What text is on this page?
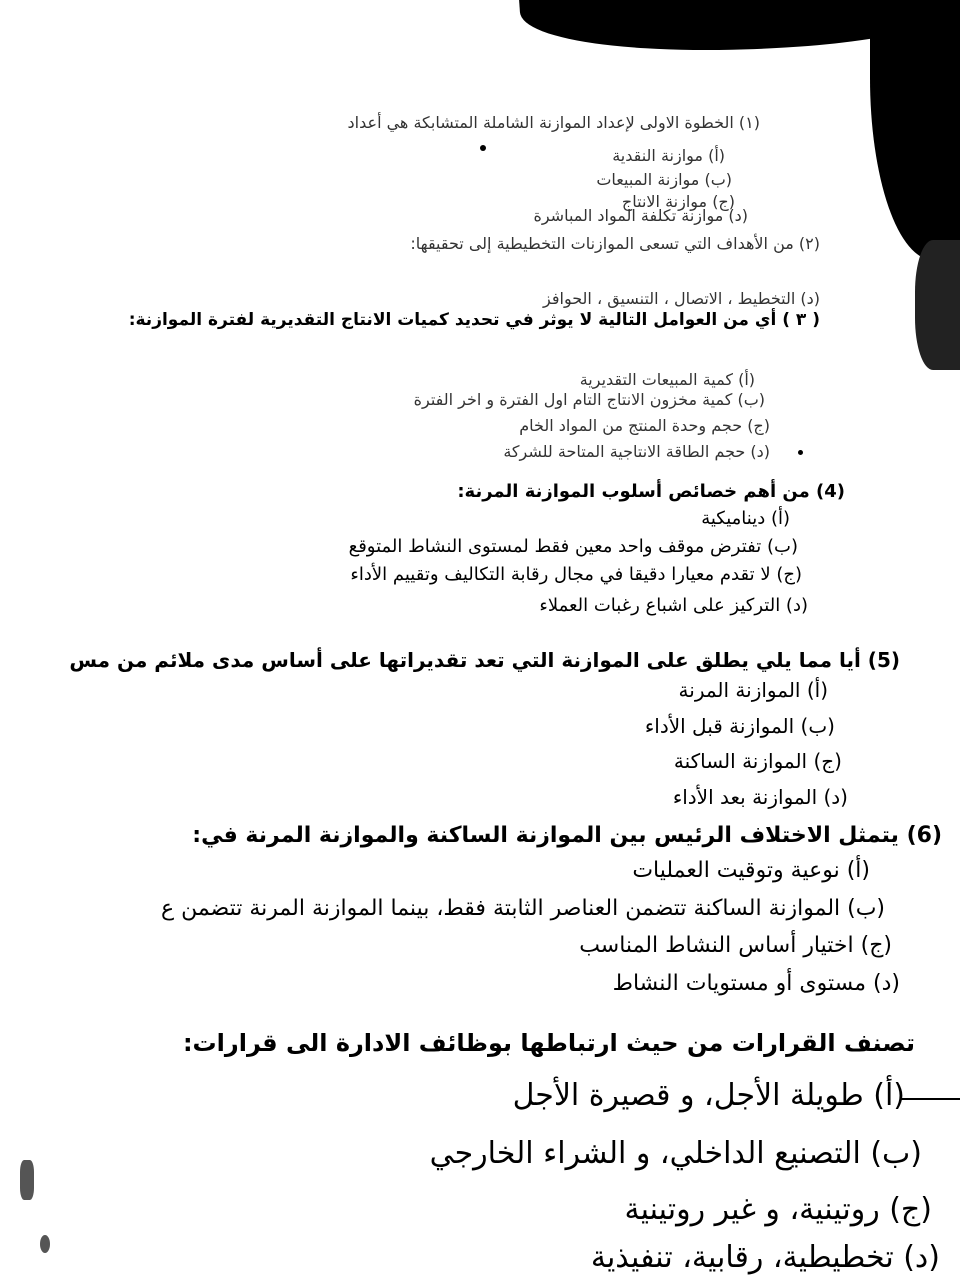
(١) الخطوة الاولى لإعداد الموازنة الشاملة المتشابكة هي أعداد
(أ) موازنة النقدية
(ب) موازنة المبيعات
(ج) موازنة الانتاج
(د) موازنة تكلفة المواد المباشرة
(٢) من الأهداف التي تسعى الموازنات التخطيطية إلى تحقيقها:
(د) التخطيط ، الاتصال ، التنسيق ، الحوافز
( ٣ ) أي من العوامل التالية لا يوثر في تحديد كميات الانتاج التقديرية لفترة الموازنة:
(أ) كمية المبيعات التقديرية
(ب) كمية مخزون الانتاج التام اول الفترة و اخر الفترة
(ج) حجم وحدة المنتج من المواد الخام
(د) حجم الطاقة الانتاجية المتاحة للشركة
(4) من أهم خصائص أسلوب الموازنة المرنة:
(أ) ديناميكية
(ب) تفترض موقف واحد معين فقط لمستوى النشاط المتوقع
(ج) لا تقدم معيارا دقيقا في مجال رقابة التكاليف وتقييم الأداء
(د) التركيز على اشباع رغبات العملاء
(5) أيا مما يلي يطلق على الموازنة التي تعد تقديراتها على أساس مدى ملائم من مس
(أ) الموازنة المرنة
(ب) الموازنة قبل الأداء
(ج) الموازنة الساكنة
(د) الموازنة بعد الأداء
(6) يتمثل الاختلاف الرئيس بين الموازنة الساكنة والموازنة المرنة في:
(أ) نوعية وتوقيت العمليات
(ب) الموازنة الساكنة تتضمن العناصر الثابتة فقط، بينما الموازنة المرنة تتضمن ع
(ج) اختيار أساس النشاط المناسب
(د) مستوى أو مستويات النشاط
تصنف القرارات من حيث ارتباطها بوظائف الادارة الى قرارات:
(أ) طويلة الأجل، و قصيرة الأجل
(ب) التصنيع الداخلي، و الشراء الخارجي
(ج) روتينية، و غير روتينية
(د) تخطيطية، رقابية، تنفيذية
